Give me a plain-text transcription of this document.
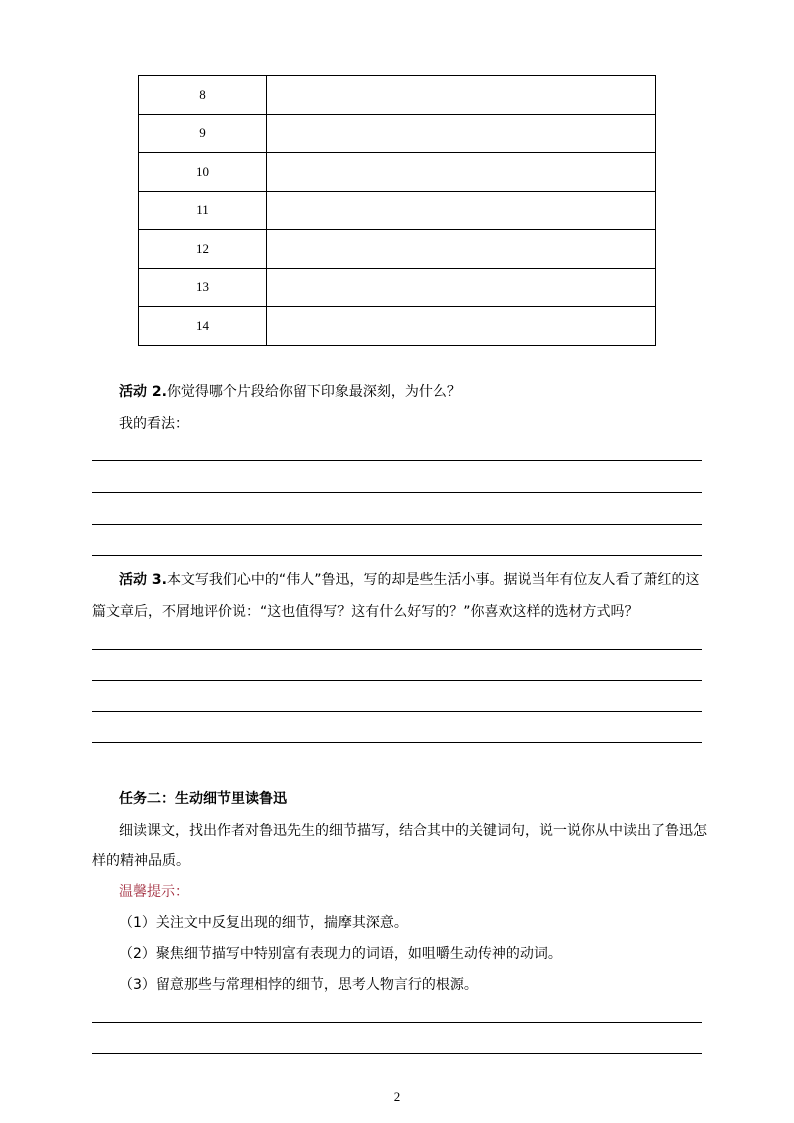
8	
9	
10	
11	
12	
13	
14	

活动 2.你觉得哪个片段给你留下印象最深刻，为什么？

我的看法：

活动 3.本文写我们心中的“伟人”鲁迅，写的却是些生活小事。据说当年有位友人看了萧红的这

篇文章后，不屑地评价说：“这也值得写？这有什么好写的？”你喜欢这样的选材方式吗？

任务二：生动细节里读鲁迅

细读课文，找出作者对鲁迅先生的细节描写，结合其中的关键词句，说一说你从中读出了鲁迅怎

样的精神品质。

温馨提示：

（1）关注文中反复出现的细节，揣摩其深意。

（2）聚焦细节描写中特别富有表现力的词语，如咀嚼生动传神的动词。

（3）留意那些与常理相悖的细节，思考人物言行的根源。

2
